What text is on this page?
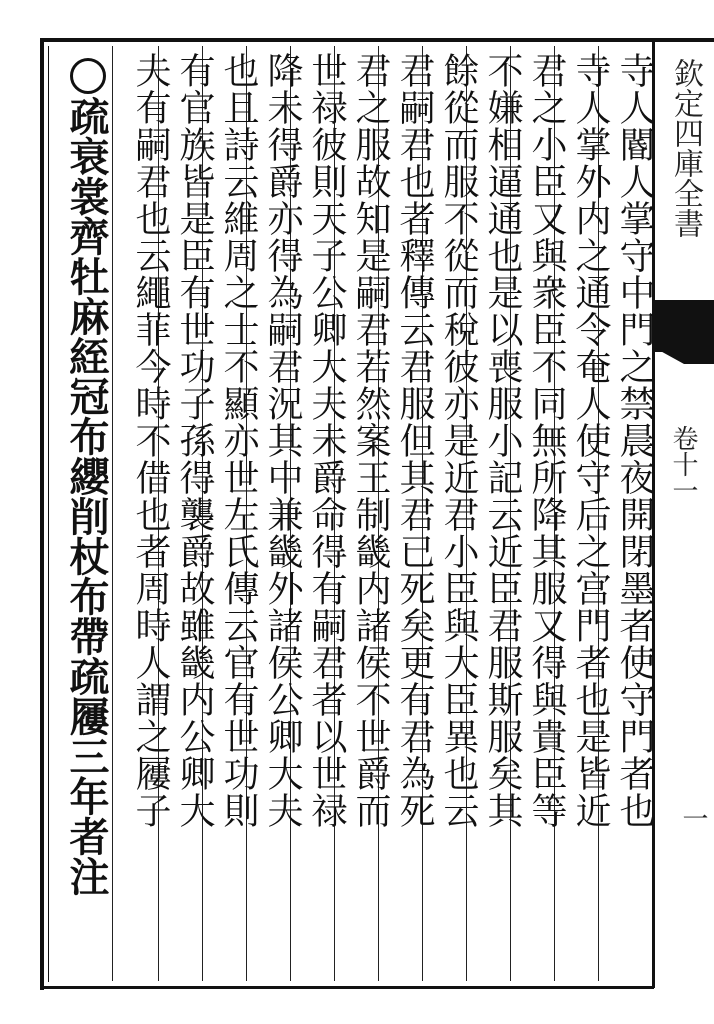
欽定四庫全書
卷十一
一
寺人閽人掌守中門之禁晨夜開閉墨者使守門者也
寺人掌外内之通令奄人使守后之宫門者也是皆近
君之小臣又與衆臣不同無所降其服又得與貴臣等
不嫌相逼通也是以喪服小記云近臣君服斯服矣其
餘從而服不從而稅彼亦是近君小臣與大臣異也云
君嗣君也者釋傳云君服但其君已死矣更有君為死
君之服故知是嗣君若然案王制畿内諸侯不世爵而
世禄彼則天子公卿大夫未爵命得有嗣君者以世禄
降未得爵亦得為嗣君況其中兼畿外諸侯公卿大夫
也且詩云維周之士不顯亦世左氏傳云官有世功則
有官族皆是臣有世功子孫得襲爵故雖畿内公卿大
夫有嗣君也云繩菲今時不借也者周時人謂之屨子
疏衰裳齊牡麻絰冠布纓削杖布帶疏屨三年者注
